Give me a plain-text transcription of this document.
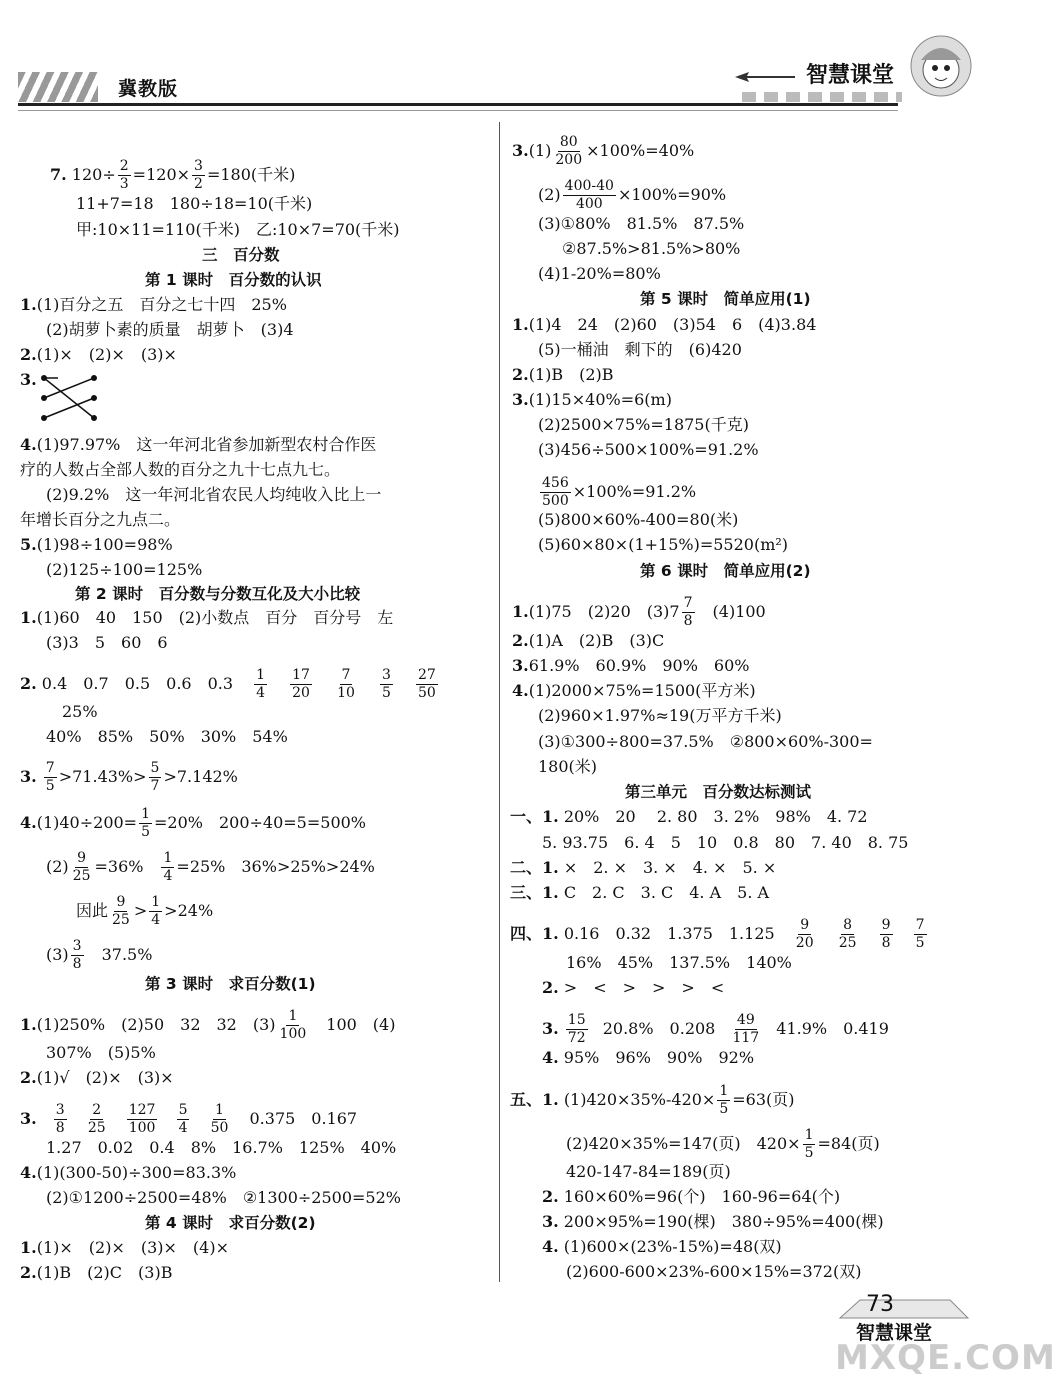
冀教版
智慧课堂
7. $120\div \frac{2}{3} =120\times \frac{3}{2} =180$(千米)
11+7=18　180÷18=10(千米)
甲:10×11=110(千米)　乙:10×7=70(千米)
三　百分数
第 1 课时　百分数的认识
1.(1)百分之五　百分之七十四　25%
(2)胡萝卜素的质量　胡萝卜　(3)4
2.(1)×　(2)×　(3)×
3.
4.(1)97.97%　这一年河北省参加新型农村合作医
疗的人数占全部人数的百分之九十七点九七。
(2)9.2%　这一年河北省农民人均纯收入比上一
年增长百分之九点二。
5.(1)98÷100=98%
(2)125÷100=125%
第 2 课时　百分数与分数互化及大小比较
1.(1)60　40　150　(2)小数点　百分　百分号　左
(3)3　5　60　6
2. 0.4　0.7　0.5　0.6　$0.3 \frac{1}{4}$
$\frac{17}{20}$
$\frac{7}{10}$
$\frac{3}{5}$
$\frac{27}{50}$
25%
40%　85%　50%　30%　54%
3. $\frac{7}{5} >71.43\%> \frac{5}{7} >7.142\%$
$4.(1)40\div 200= \frac{1}{5} =20\%$　200÷40=5=500%
$(2) \frac{9}{25} =36\%$　 $\frac{1}{4} =25\%$　36%>25%>24%
因此 $\frac{9}{25} > \frac{1}{4} >24\%$
$(3) \frac{3}{8}$ 　37.5%
第 3 课时　求百分数(1)
1.(1)250%　(2)50　32　32　$(3) \frac{1}{100}$ 　100　(4)
307%　(5)5%
2.(1)√　(2)×　(3)×
3. $\frac{3}{8}$
$\frac{2}{25}$
$\frac{127}{100}$
$\frac{5}{4}$
$\frac{1}{50} 0.375$　0.167
1.27　0.02　0.4　8%　16.7%　125%　40%
4.(1)(300-50)÷300=83.3%
(2)①1200÷2500=48%　②1300÷2500=52%
第 4 课时　求百分数(2)
1.(1)×　(2)×　(3)×　(4)×
2.(1)B　(2)C　(3)B
$3.(1) \frac{80}{200} \times 100\%=40\%$
$(2) \frac{400-40}{400} \times 100\%=90\%$
(3)①80%　81.5%　87.5%
②87.5%>81.5%>80%
(4)1-20%=80%
第 5 课时　简单应用(1)
1.(1)4　24　(2)60　(3)54　6　(4)3.84
(5)一桶油　剩下的　(6)420
2.(1)B　(2)B
3.(1)15×40%=6(m)
(2)2500×75%=1875(千克)
(3)456÷500×100%=91.2%
$\frac{456}{500} \times 100\%=91.2\%$
(5)800×60%-400=80(米)
(5)60×80×(1+15%)=5520(m²)
第 6 课时　简单应用(2)
1.(1)75　(2)20　$(3)7 \frac{7}{8}$ 　(4)100
2.(1)A　(2)B　(3)C
3.61.9%　60.9%　90%　60%
4.(1)2000×75%=1500(平方米)
(2)960×1.97%≈19(万平方千米)
(3)①300÷800=37.5%　②800×60%-300=
180(米)
第三单元　百分数达标测试
一、1. 20%　20　 2. 80　3. 2%　98%　4. 72
5. 93.75　6. 4　5　10　0.8　80　7. 40　8. 75
二、1. ×　2. ×　3. ×　4. ×　5. ×
三、1. C　2. C　3. C　4. A　5. A
四、1. 0.16　0.32　1.375　$1.125 \frac{9}{20}$
$\frac{8}{25}$
$\frac{9}{8}$
$\frac{7}{5}$
16%　45%　137.5%　140%
2. >　<　>　>　>　<
3. $\frac{15}{72} 20.8\%$　$0.208 \frac{49}{117} 41.9\%$　0.419
4. 95%　96%　90%　92%
五、1. $(1)420\times 35\%-420\times \frac{1}{5} =63$(页)
(2)420×35%=147(页)　$420\times \frac{1}{5} =84$(页)
420-147-84=189(页)
2. 160×60%=96(个)　160-96=64(个)
3. 200×95%=190(棵)　380÷95%=400(棵)
4. (1)600×(23%-15%)=48(双)
(2)600-600×23%-600×15%=372(双)
73
智慧课堂
MXQE.COM
